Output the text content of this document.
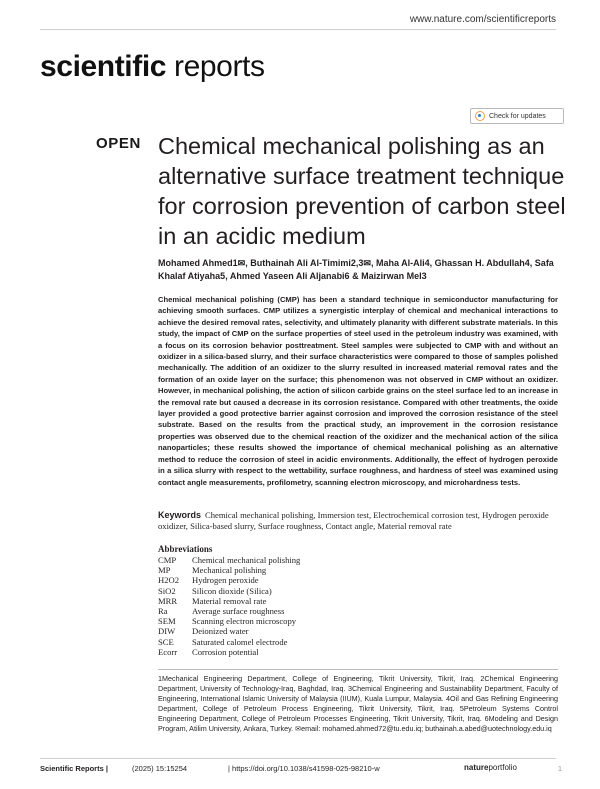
www.nature.com/scientificreports
scientific reports
Check for updates
OPEN Chemical mechanical polishing as an alternative surface treatment technique for corrosion prevention of carbon steel in an acidic medium
Mohamed Ahmed1✉, Buthainah Ali Al-Timimi2,3✉, Maha Al-Ali4, Ghassan H. Abdullah4, Safa Khalaf Atiyaha5, Ahmed Yaseen Ali Aljanabi6 & Maizirwan Mel3
Chemical mechanical polishing (CMP) has been a standard technique in semiconductor manufacturing for achieving smooth surfaces. CMP utilizes a synergistic interplay of chemical and mechanical interactions to achieve the desired removal rates, selectivity, and ultimately planarity with different substrate materials. In this study, the impact of CMP on the surface properties of steel used in the petroleum industry was examined, with a focus on its corrosion behavior posttreatment. Steel samples were subjected to CMP with and without an oxidizer in a silica-based slurry, and their surface characteristics were compared to those of samples polished mechanically. The addition of an oxidizer to the slurry resulted in increased material removal rates and the formation of an oxide layer on the surface; this phenomenon was not observed in CMP without an oxidizer. However, in mechanical polishing, the action of silicon carbide grains on the steel surface led to an increase in the removal rate but caused a decrease in its corrosion resistance. Compared with other treatments, the oxide layer provided a good protective barrier against corrosion and improved the corrosion resistance of the steel substrate. Based on the results from the practical study, an improvement in the corrosion resistance properties was observed due to the chemical reaction of the oxidizer and the mechanical action of the silica nanoparticles; these results showed the importance of chemical mechanical polishing as an alternative method to reduce the corrosion of steel in acidic environments. Additionally, the effect of hydrogen peroxide in a silica slurry with respect to the wettability, surface roughness, and hardness of steel was examined using contact angle measurements, profilometry, scanning electron microscopy, and microhardness tests.
Keywords Chemical mechanical polishing, Immersion test, Electrochemical corrosion test, Hydrogen peroxide oxidizer, Silica-based slurry, Surface roughness, Contact angle, Material removal rate
Abbreviations
CMP	Chemical mechanical polishing
MP	Mechanical polishing
H2O2	Hydrogen peroxide
SiO2	Silicon dioxide (Silica)
MRR	Material removal rate
Ra	Average surface roughness
SEM	Scanning electron microscopy
DIW	Deionized water
SCE	Saturated calomel electrode
Ecorr	Corrosion potential
1Mechanical Engineering Department, College of Engineering, Tikrit University, Tikrit, Iraq. 2Chemical Engineering Department, University of Technology-Iraq, Baghdad, Iraq. 3Chemical Engineering and Sustainability Department, Faculty of Engineering, International Islamic University of Malaysia (IIUM), Kuala Lumpur, Malaysia. 4Oil and Gas Refining Engineering Department, College of Petroleum Process Engineering, Tikrit University, Tikrit, Iraq. 5Petroleum Systems Control Engineering Department, College of Petroleum Processes Engineering, Tikrit University, Tikrit, Iraq. 6Modeling and Design Program, Atilim University, Ankara, Turkey. ✉email: mohamed.ahmed72@tu.edu.iq; buthainah.a.abed@uotechnology.edu.iq
Scientific Reports |	(2025) 15:15254	| https://doi.org/10.1038/s41598-025-98210-w	natureportfolio	1
